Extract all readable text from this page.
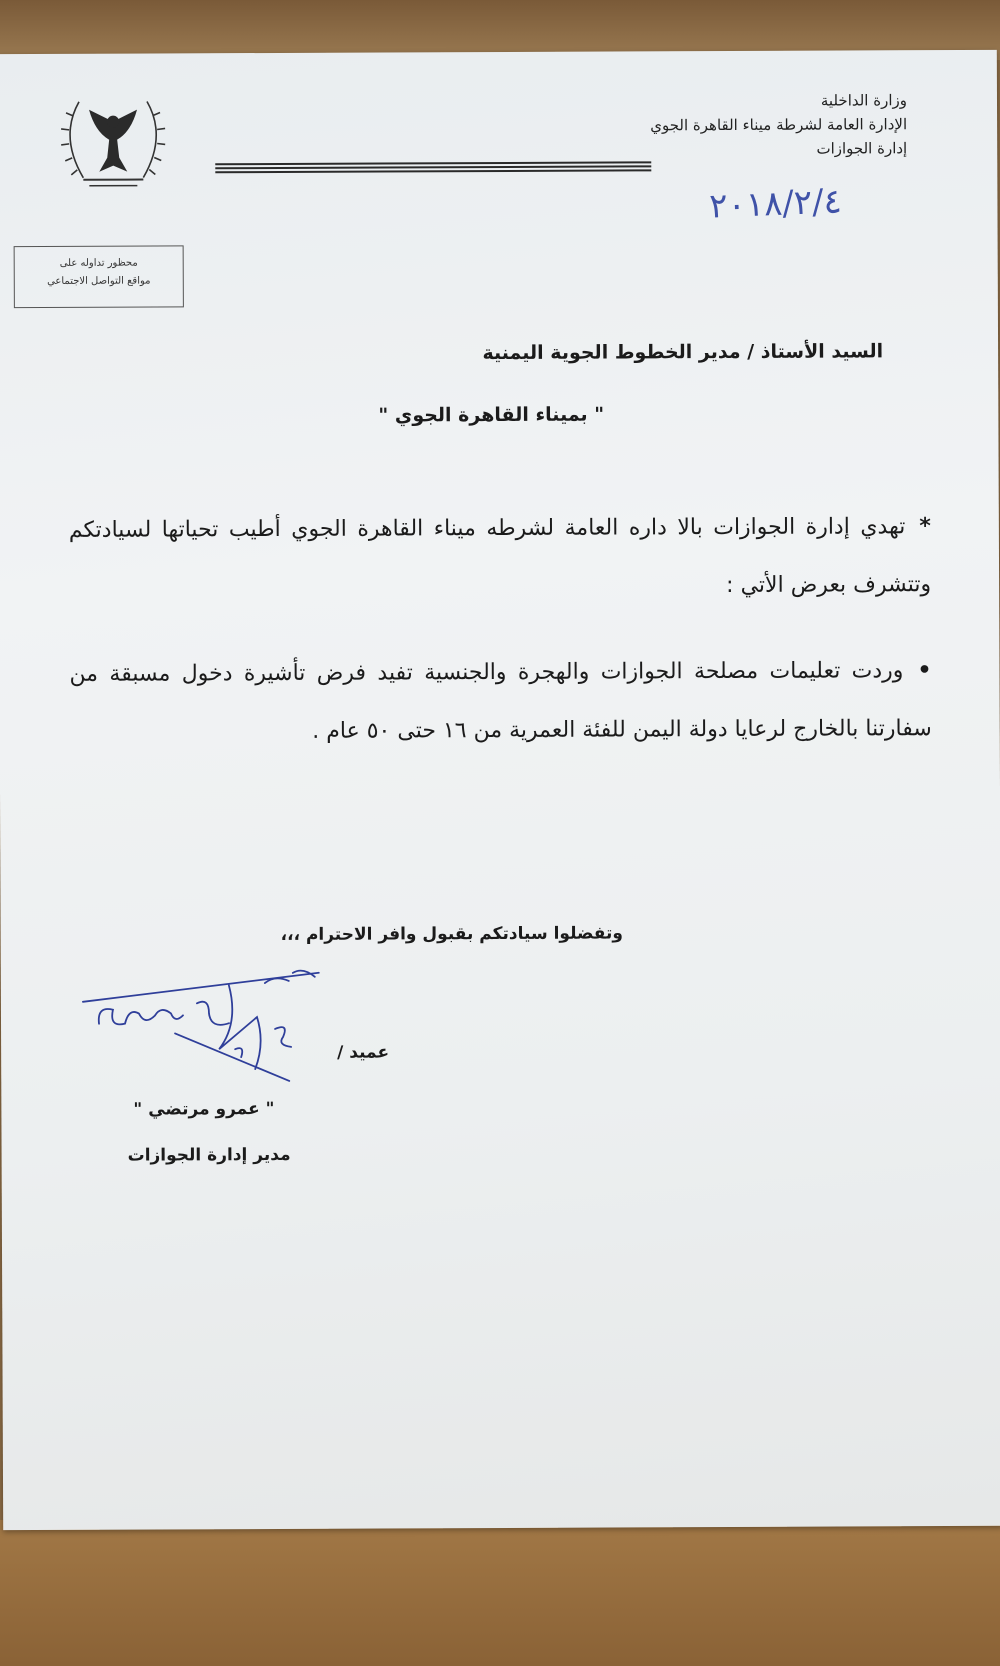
وزارة الداخلية
الإدارة العامة لشرطة ميناء القاهرة الجوي
إدارة الجوازات
٢٠١٨/٢/٤
محظور تداوله على
مواقع التواصل الاجتماعي
السيد الأستاذ / مدير الخطوط الجوية اليمنية
" بميناء القاهرة الجوي "
*تهدي إدارة الجوازات بالا داره العامة لشرطه ميناء القاهرة الجوي أطيب تحياتها لسيادتكم وتتشرف بعرض الأتي :
•وردت تعليمات مصلحة الجوازات والهجرة والجنسية تفيد فرض تأشيرة دخول مسبقة من سفارتنا بالخارج لرعايا دولة اليمن للفئة العمرية من ١٦ حتى ٥٠ عام .
وتفضلوا سيادتكم بقبول وافر الاحترام ،،،
عميد /
" عمرو مرتضي "
مدير إدارة الجوازات
